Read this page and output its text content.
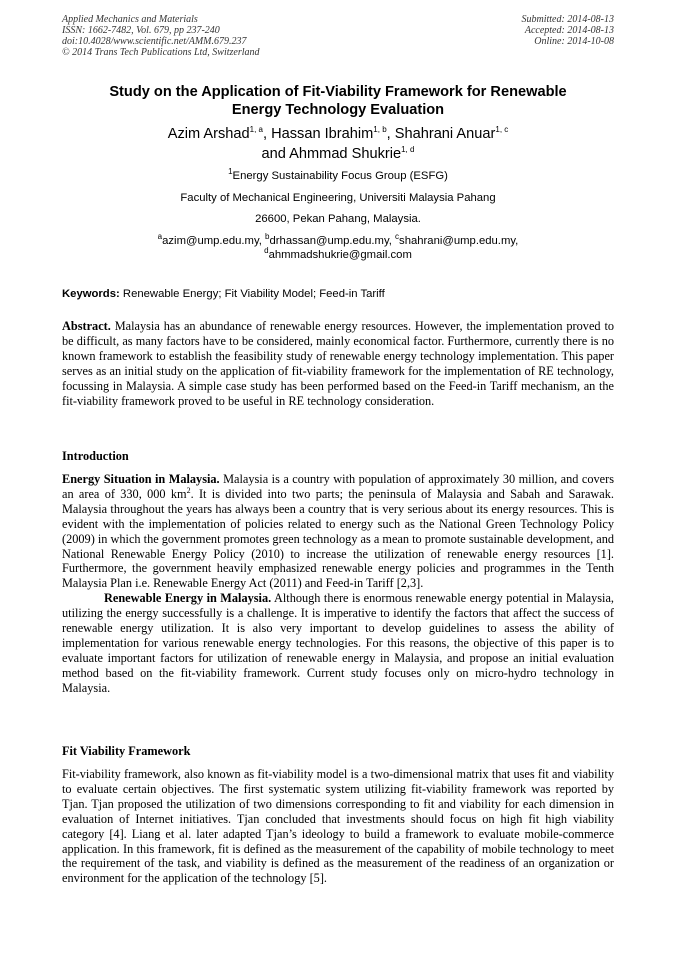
Applied Mechanics and Materials
ISSN: 1662-7482, Vol. 679, pp 237-240
doi:10.4028/www.scientific.net/AMM.679.237
© 2014 Trans Tech Publications Ltd, Switzerland
Submitted: 2014-08-13
Accepted: 2014-08-13
Online: 2014-10-08
Study on the Application of Fit-Viability Framework for Renewable
Energy Technology Evaluation
Azim Arshad$^{1, a}$, Hassan Ibrahim$^{1, b}$, Shahrani Anuar$^{1, c}$
and Ahmmad Shukrie$^{1, d}$
$^1$Energy Sustainability Focus Group (ESFG)
Faculty of Mechanical Engineering, Universiti Malaysia Pahang
26600, Pekan Pahang, Malaysia.
$^a$azim@ump.edu.my, $^b$drhassan@ump.edu.my, $^c$shahrani@ump.edu.my,
$^d$ahmmadshukrie@gmail.com
Keywords: Renewable Energy; Fit Viability Model; Feed-in Tariff

Abstract. Malaysia has an abundance of renewable energy resources. However, the implementation proved to be difficult, as many factors have to be considered, mainly economical factor. Furthermore, currently there is no known framework to establish the feasibility study of renewable energy technology implementation. This paper serves as an initial study on the application of fit-viability framework for the implementation of RE technology, focussing in Malaysia. A simple case study has been performed based on the Feed-in Tariff mechanism, an the fit-viability framework proved to be useful in RE technology consideration.

Introduction

Energy Situation in Malaysia. Malaysia is a country with population of approximately 30 million, and covers an area of 330, 000 $km^2$. It is divided into two parts; the peninsula of Malaysia and Sabah and Sarawak. Malaysia throughout the years has always been a country that is very serious about its energy resources. This is evident with the implementation of policies related to energy such as the National Green Technology Policy (2009) in which the government promotes green technology as a mean to promote sustainable development, and National Renewable Energy Policy (2010) to increase the utilization of renewable energy resources [1]. Furthermore, the government heavily emphasized renewable energy policies and programmes in the Tenth Malaysia Plan i.e. Renewable Energy Act (2011) and Feed-in Tariff [2,3].

Renewable Energy in Malaysia. Although there is enormous renewable energy potential in Malaysia, utilizing the energy successfully is a challenge. It is imperative to identify the factors that affect the success of renewable energy utilization. It is also very important to develop guidelines to assess the ability of implementation for various renewable energy technologies. For this reasons, the objective of this paper is to evaluate important factors for utilization of renewable energy in Malaysia, and propose an initial evaluation method based on the fit-viability framework. Current study focuses only on micro-hydro technology in Malaysia.

Fit Viability Framework

Fit-viability framework, also known as fit-viability model is a two-dimensional matrix that uses fit and viability to evaluate certain objectives. The first systematic system utilizing fit-viability framework was reported by Tjan. Tjan proposed the utilization of two dimensions corresponding to fit and viability for each dimension in evaluation of Internet initiatives. Tjan concluded that investments should focus on high fit high viability category [4]. Liang et al. later adapted Tjan’s ideology to build a framework to evaluate mobile-commerce application. In this framework, fit is defined as the measurement of the capability of mobile technology to meet the requirement of the task, and viability is defined as the measurement of the readiness of an organization or environment for the application of the technology [5].
